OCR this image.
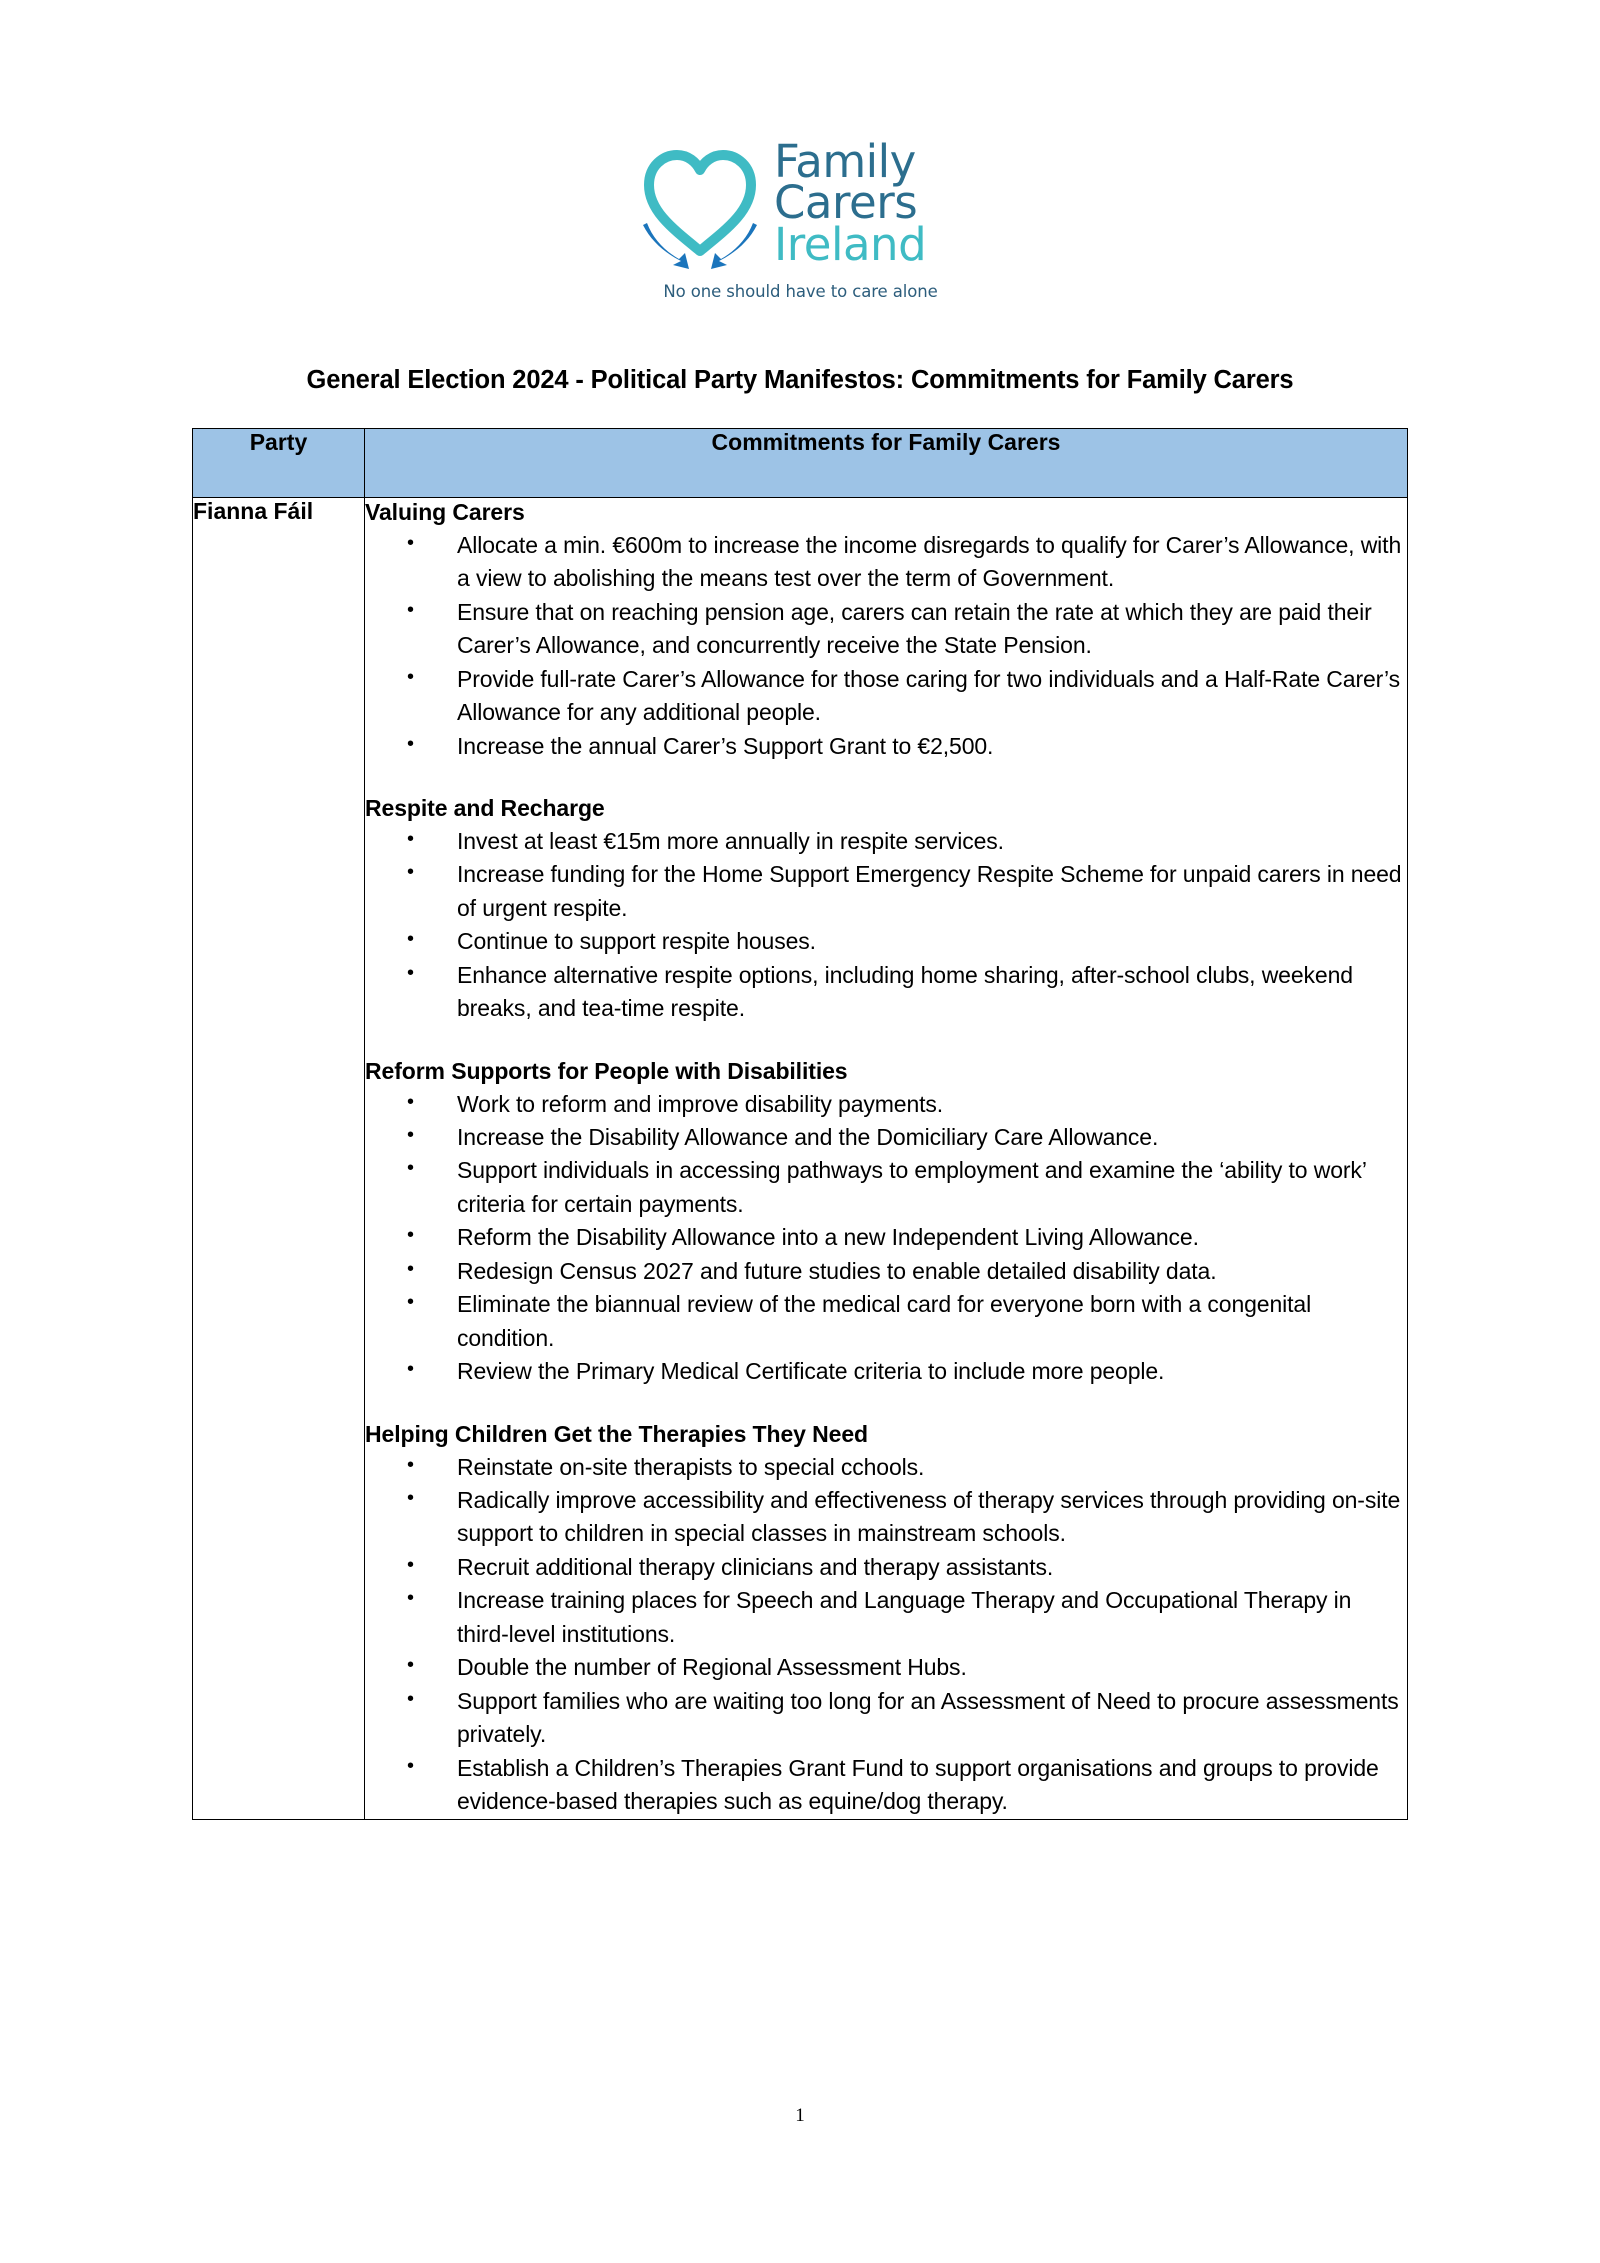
Family
Carers
Ireland
No one should have to care alone
General Election 2024 - Political Party Manifestos: Commitments for Family Carers
Party	Commitments for Family Carers
Fianna Fáil	Valuing Carers
• Allocate a min. €600m to increase the income disregards to qualify for Carer’s Allowance, with a view to abolishing the means test over the term of Government.
• Ensure that on reaching pension age, carers can retain the rate at which they are paid their Carer’s Allowance, and concurrently receive the State Pension.
• Provide full-rate Carer’s Allowance for those caring for two individuals and a Half-Rate Carer’s Allowance for any additional people.
• Increase the annual Carer’s Support Grant to €2,500.
Respite and Recharge
• Invest at least €15m more annually in respite services.
• Increase funding for the Home Support Emergency Respite Scheme for unpaid carers in need of urgent respite.
• Continue to support respite houses.
• Enhance alternative respite options, including home sharing, after-school clubs, weekend breaks, and tea-time respite.
Reform Supports for People with Disabilities
• Work to reform and improve disability payments.
• Increase the Disability Allowance and the Domiciliary Care Allowance.
• Support individuals in accessing pathways to employment and examine the ‘ability to work’ criteria for certain payments.
• Reform the Disability Allowance into a new Independent Living Allowance.
• Redesign Census 2027 and future studies to enable detailed disability data.
• Eliminate the biannual review of the medical card for everyone born with a congenital condition.
• Review the Primary Medical Certificate criteria to include more people.
Helping Children Get the Therapies They Need
• Reinstate on-site therapists to special cchools.
• Radically improve accessibility and effectiveness of therapy services through providing on-site support to children in special classes in mainstream schools.
• Recruit additional therapy clinicians and therapy assistants.
• Increase training places for Speech and Language Therapy and Occupational Therapy in third-level institutions.
• Double the number of Regional Assessment Hubs.
• Support families who are waiting too long for an Assessment of Need to procure assessments privately.
• Establish a Children’s Therapies Grant Fund to support organisations and groups to provide evidence-based therapies such as equine/dog therapy.
1
